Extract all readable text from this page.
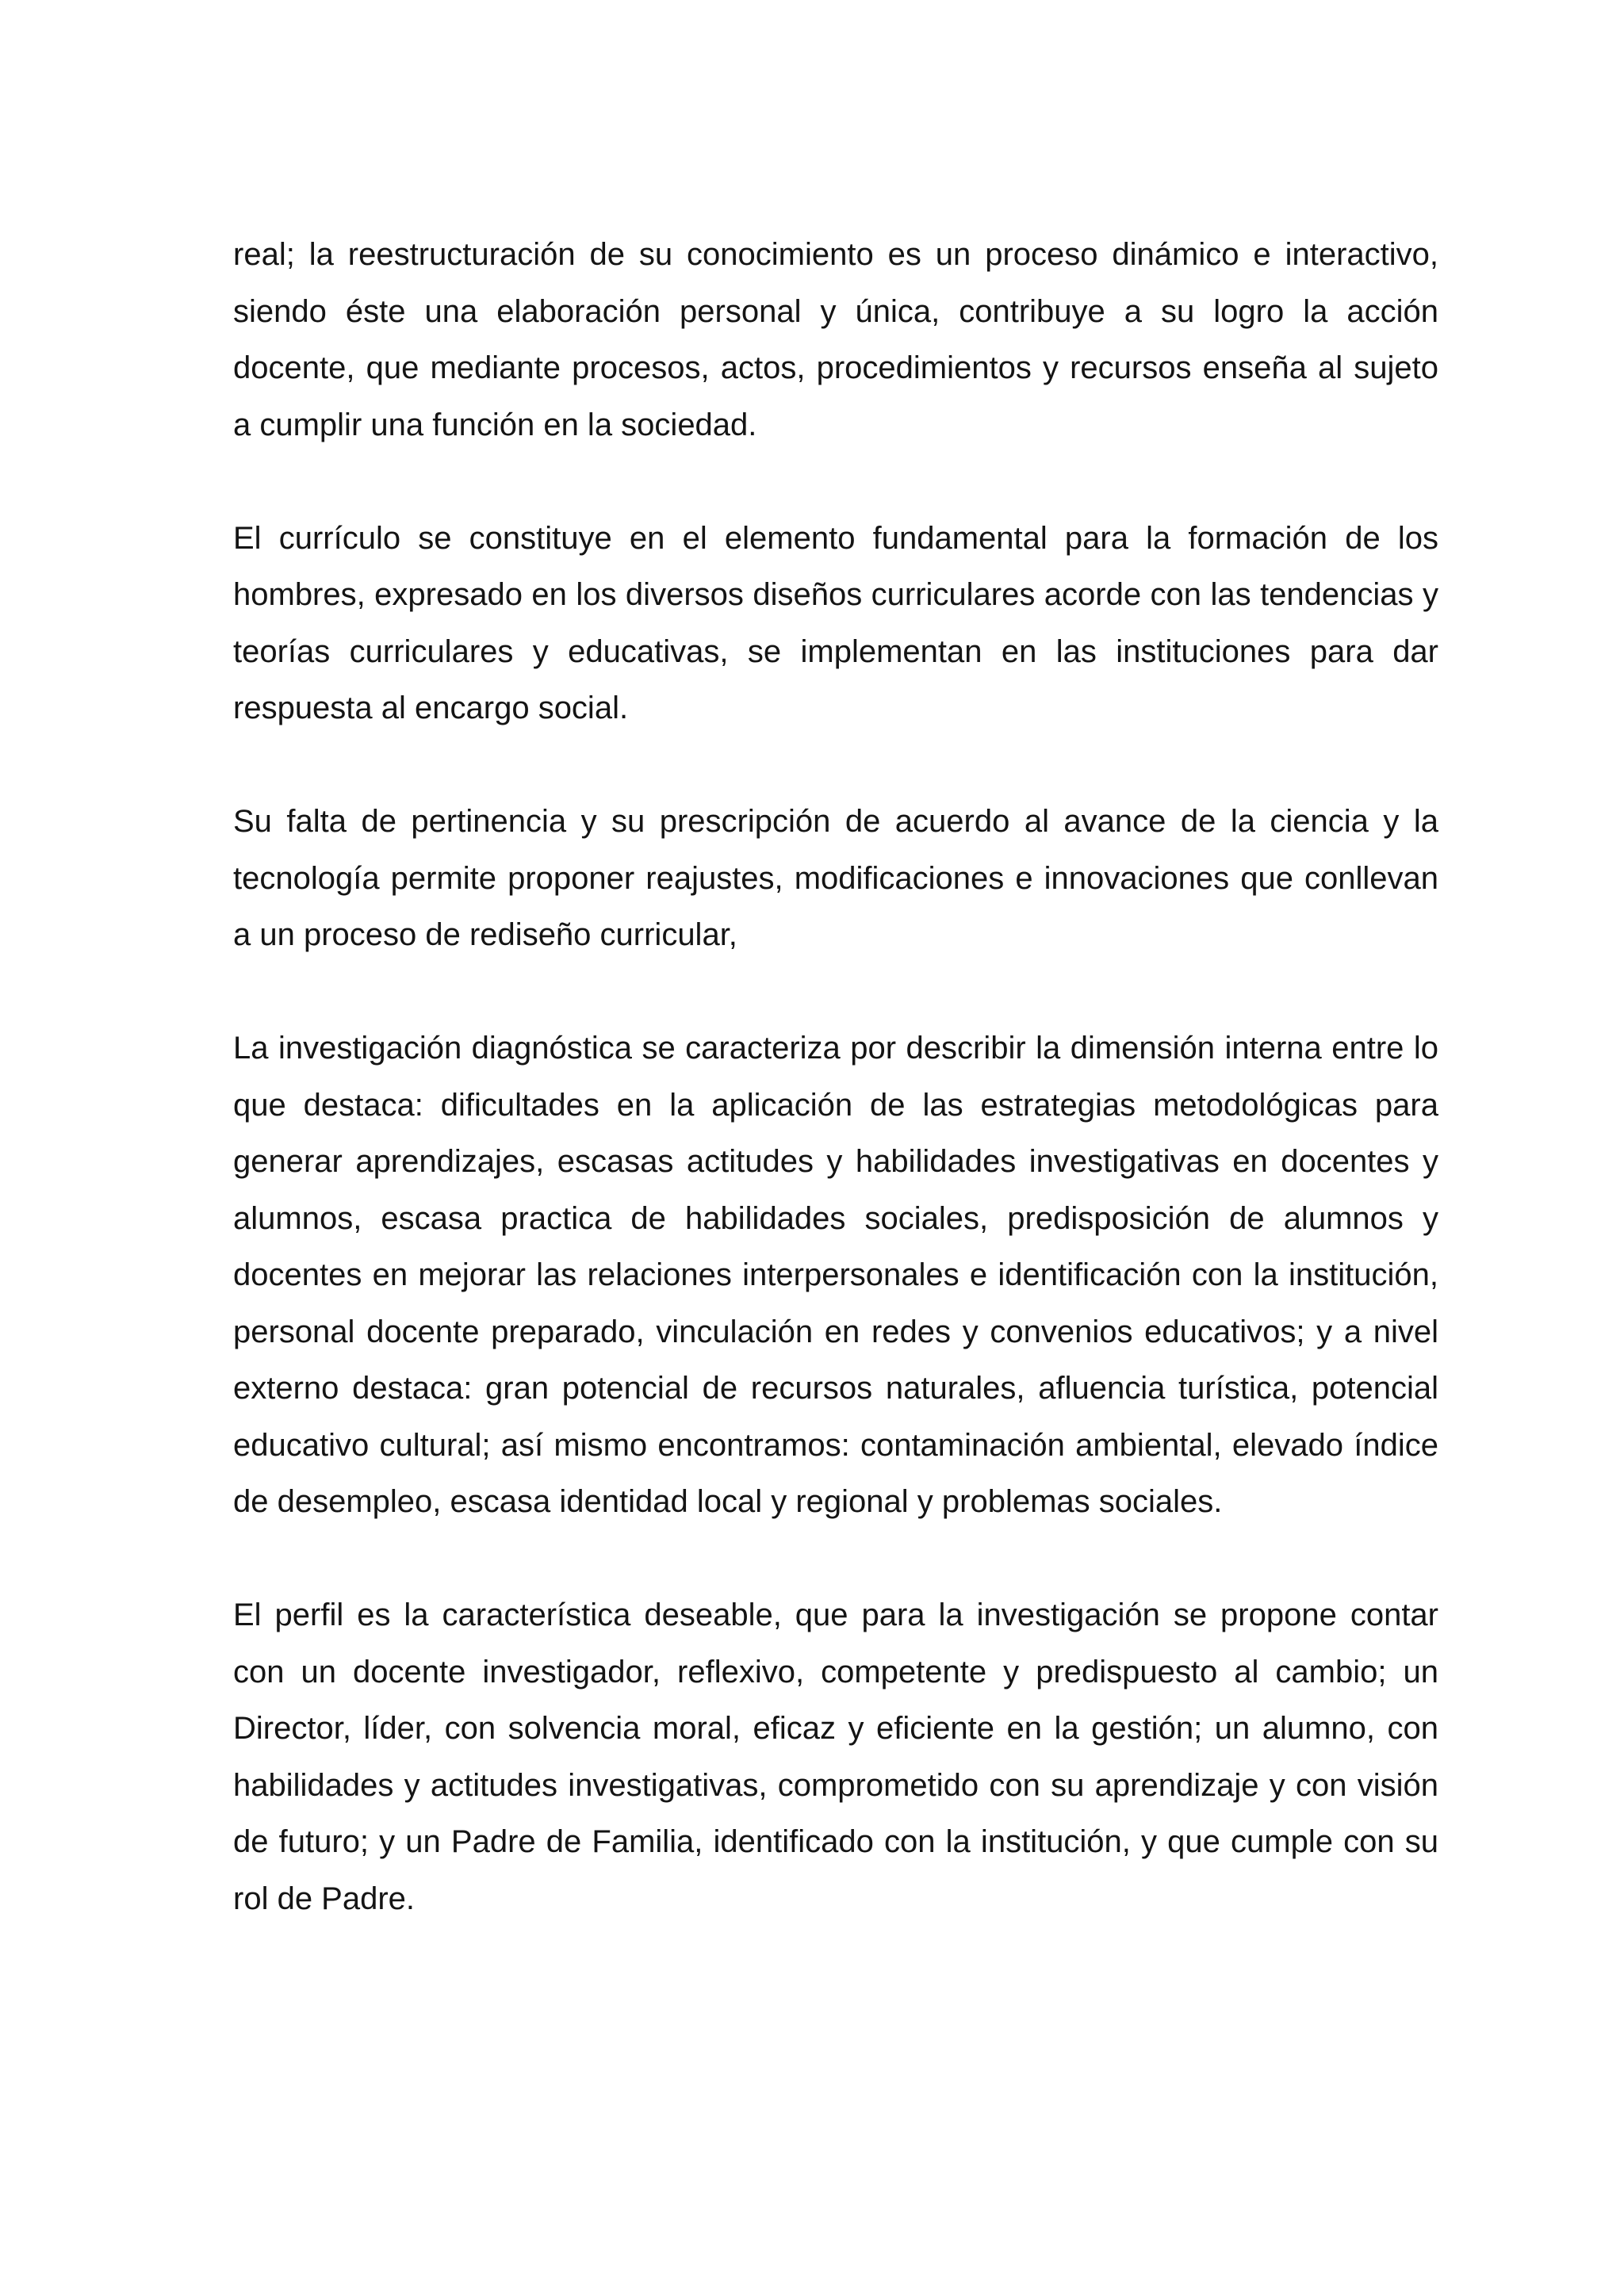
real; la reestructuración de su conocimiento es un proceso dinámico e interactivo, siendo éste una elaboración personal y única, contribuye a su logro la acción docente, que mediante procesos, actos, procedimientos y recursos enseña al sujeto a cumplir una función en la sociedad.

El currículo se constituye en el elemento fundamental para la formación de los hombres, expresado en los diversos diseños curriculares acorde con las tendencias y teorías curriculares y educativas, se implementan en las instituciones para dar respuesta al encargo social.

Su falta de pertinencia y su prescripción de acuerdo al avance de la ciencia y la tecnología permite proponer reajustes, modificaciones e innovaciones que conllevan a un proceso de rediseño curricular,

La investigación diagnóstica se caracteriza por describir la dimensión interna entre lo que destaca: dificultades en la aplicación de las estrategias metodológicas para generar aprendizajes, escasas actitudes y habilidades investigativas en docentes y alumnos, escasa practica de habilidades sociales, predisposición de alumnos y docentes en mejorar las relaciones interpersonales e identificación con la institución, personal docente preparado, vinculación en redes y convenios educativos; y a nivel externo destaca: gran potencial de recursos naturales, afluencia turística, potencial educativo cultural; así mismo encontramos: contaminación ambiental, elevado índice de desempleo, escasa identidad local y regional y problemas sociales.

El perfil es la característica deseable, que para la investigación se propone contar con un docente investigador, reflexivo, competente y predispuesto al cambio; un Director, líder, con solvencia moral, eficaz y eficiente en la gestión; un alumno, con habilidades y actitudes investigativas, comprometido con su aprendizaje y con visión de futuro; y un Padre de Familia, identificado con la institución, y que cumple con su rol de Padre.
